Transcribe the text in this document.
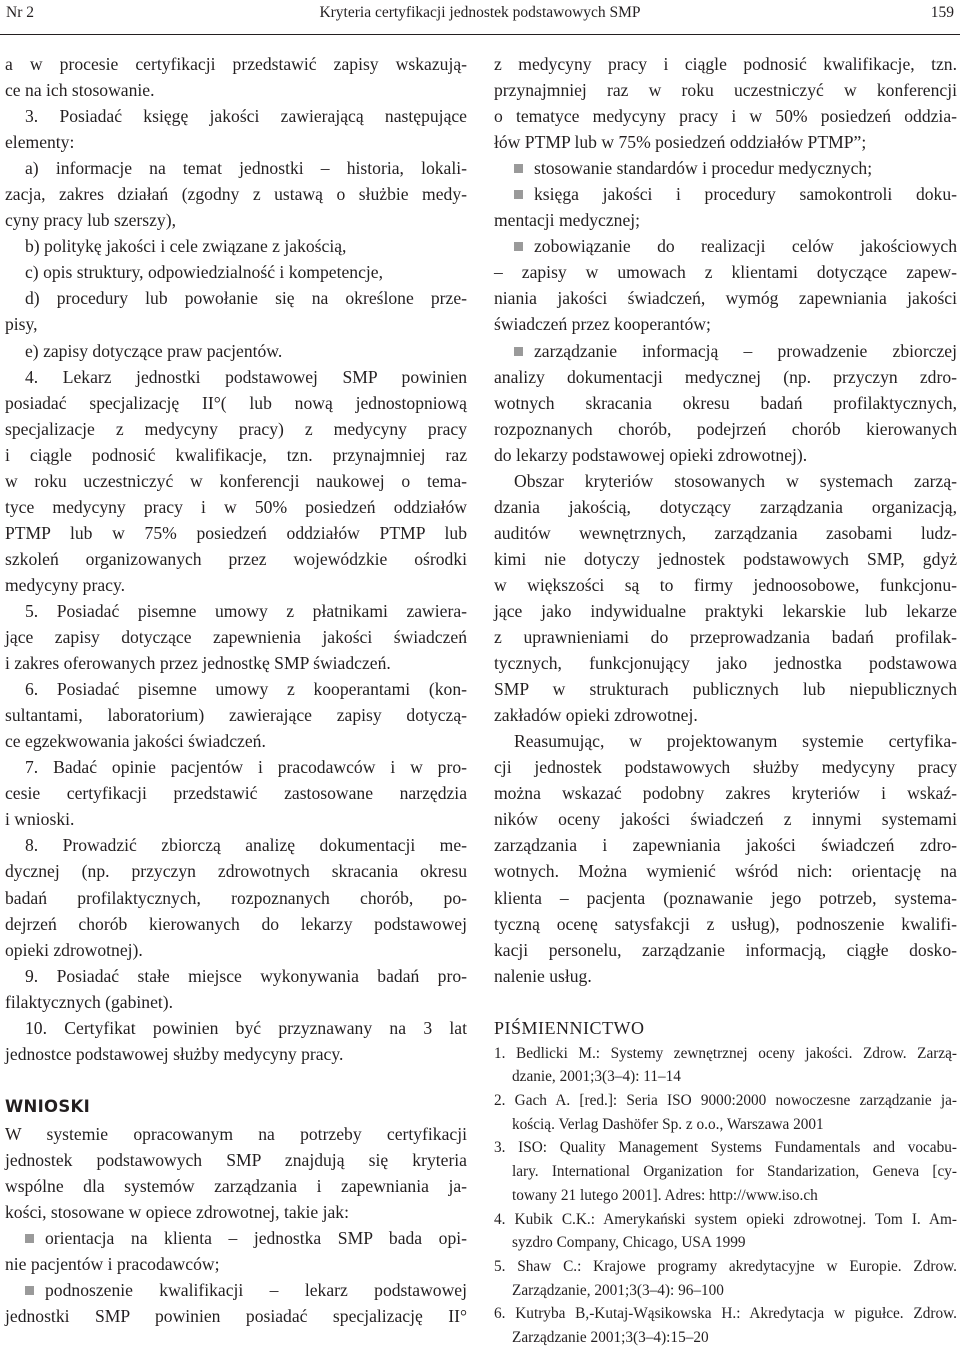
Nr 2	Kryteria certyfikacji jednostek podstawowych SMP	159
a w procesie certyfikacji przedstawić zapisy wskazują-
ce na ich stosowanie.
3. Posiadać księgę jakości zawierającą następujące
elementy:
a) informacje na temat jednostki – historia, lokali-
zacja, zakres działań (zgodny z ustawą o służbie medy-
cyny pracy lub szerszy),
b) politykę jakości i cele związane z jakością,
c) opis struktury, odpowiedzialność i kompetencje,
d) procedury lub powołanie się na określone prze-
pisy,
e) zapisy dotyczące praw pacjentów.
4. Lekarz jednostki podstawowej SMP powinien
posiadać specjalizację II°( lub nową jednostopniową
specjalizacje z medycyny pracy) z medycyny pracy
i ciągle podnosić kwalifikacje, tzn. przynajmniej raz
w roku uczestniczyć w konferencji naukowej o tema-
tyce medycyny pracy i w 50% posiedzeń oddziałów
PTMP lub w 75% posiedzeń oddziałów PTMP lub
szkoleń organizowanych przez wojewódzkie ośrodki
medycyny pracy.
5. Posiadać pisemne umowy z płatnikami zawiera-
jące zapisy dotyczące zapewnienia jakości świadczeń
i zakres oferowanych przez jednostkę SMP świadczeń.
6. Posiadać pisemne umowy z kooperantami (kon-
sultantami, laboratorium) zawierające zapisy dotyczą-
ce egzekwowania jakości świadczeń.
7. Badać opinie pacjentów i pracodawców i w pro-
cesie certyfikacji przedstawić zastosowane narzędzia
i wnioski.
8. Prowadzić zbiorczą analizę dokumentacji me-
dycznej (np. przyczyn zdrowotnych skracania okresu
badań profilaktycznych, rozpoznanych chorób, po-
dejrzeń chorób kierowanych do lekarzy podstawowej
opieki zdrowotnej).
9. Posiadać stałe miejsce wykonywania badań pro-
filaktycznych (gabinet).
10. Certyfikat powinien być przyznawany na 3 lat
jednostce podstawowej służby medycyny pracy.
WNIOSKI
W systemie opracowanym na potrzeby certyfikacji
jednostek podstawowych SMP znajdują się kryteria
wspólne dla systemów zarządzania i zapewniania ja-
kości, stosowane w opiece zdrowotnej, takie jak:
orientacja na klienta – jednostka SMP bada opi-
nie pacjentów i pracodawców;
podnoszenie kwalifikacji – lekarz podstawowej
jednostki SMP powinien posiadać specjalizację II°
z medycyny pracy i ciągle podnosić kwalifikacje, tzn.
przynajmniej raz w roku uczestniczyć w konferencji
o tematyce medycyny pracy i w 50% posiedzeń oddzia-
łów PTMP lub w 75% posiedzeń oddziałów PTMP”;
stosowanie standardów i procedur medycznych;
księga jakości i procedury samokontroli doku-
mentacji medycznej;
zobowiązanie do realizacji celów jakościowych
– zapisy w umowach z klientami dotyczące zapew-
niania jakości świadczeń, wymóg zapewniania jakości
świadczeń przez kooperantów;
zarządzanie informacją – prowadzenie zbiorczej
analizy dokumentacji medycznej (np. przyczyn zdro-
wotnych skracania okresu badań profilaktycznych,
rozpoznanych chorób, podejrzeń chorób kierowanych
do lekarzy podstawowej opieki zdrowotnej).
Obszar kryteriów stosowanych w systemach zarzą-
dzania jakością, dotyczący zarządzania organizacją,
auditów wewnętrznych, zarządzania zasobami ludz-
kimi nie dotyczy jednostek podstawowych SMP, gdyż
w większości są to firmy jednoosobowe, funkcjonu-
jące jako indywidualne praktyki lekarskie lub lekarze
z uprawnieniami do przeprowadzania badań profilak-
tycznych, funkcjonujący jako jednostka podstawowa
SMP w strukturach publicznych lub niepublicznych
zakładów opieki zdrowotnej.
Reasumując, w projektowanym systemie certyfika-
cji jednostek podstawowych służby medycyny pracy
można wskazać podobny zakres kryteriów i wskaź-
ników oceny jakości świadczeń z innymi systemami
zarządzania i zapewniania jakości świadczeń zdro-
wotnych. Można wymienić wśród nich: orientację na
klienta – pacjenta (poznawanie jego potrzeb, systema-
tyczną ocenę satysfakcji z usług), podnoszenie kwalifi-
kacji personelu, zarządzanie informacją, ciągłe dosko-
nalenie usług.
PIŚMIENNICTWO
1. Bedlicki M.: Systemy zewnętrznej oceny jakości. Zdrow. Zarzą-
dzanie, 2001;3(3–4): 11–14
2. Gach A. [red.]: Seria ISO 9000:2000 nowoczesne zarządzanie ja-
kością. Verlag Dashöfer Sp. z o.o., Warszawa 2001
3. ISO: Quality Management Systems Fundamentals and vocabu-
lary. International Organization for Standarization, Geneva [cy-
towany 21 lutego 2001]. Adres: http://www.iso.ch
4. Kubik C.K.: Amerykański system opieki zdrowotnej. Tom I. Am-
syzdro Company, Chicago, USA 1999
5. Shaw C.: Krajowe programy akredytacyjne w Europie. Zdrow.
Zarządzanie, 2001;3(3–4): 96–100
6. Kutryba B,-Kutaj-Wąsikowska H.: Akredytacja w pigułce. Zdrow.
Zarządzanie 2001;3(3–4):15–20
